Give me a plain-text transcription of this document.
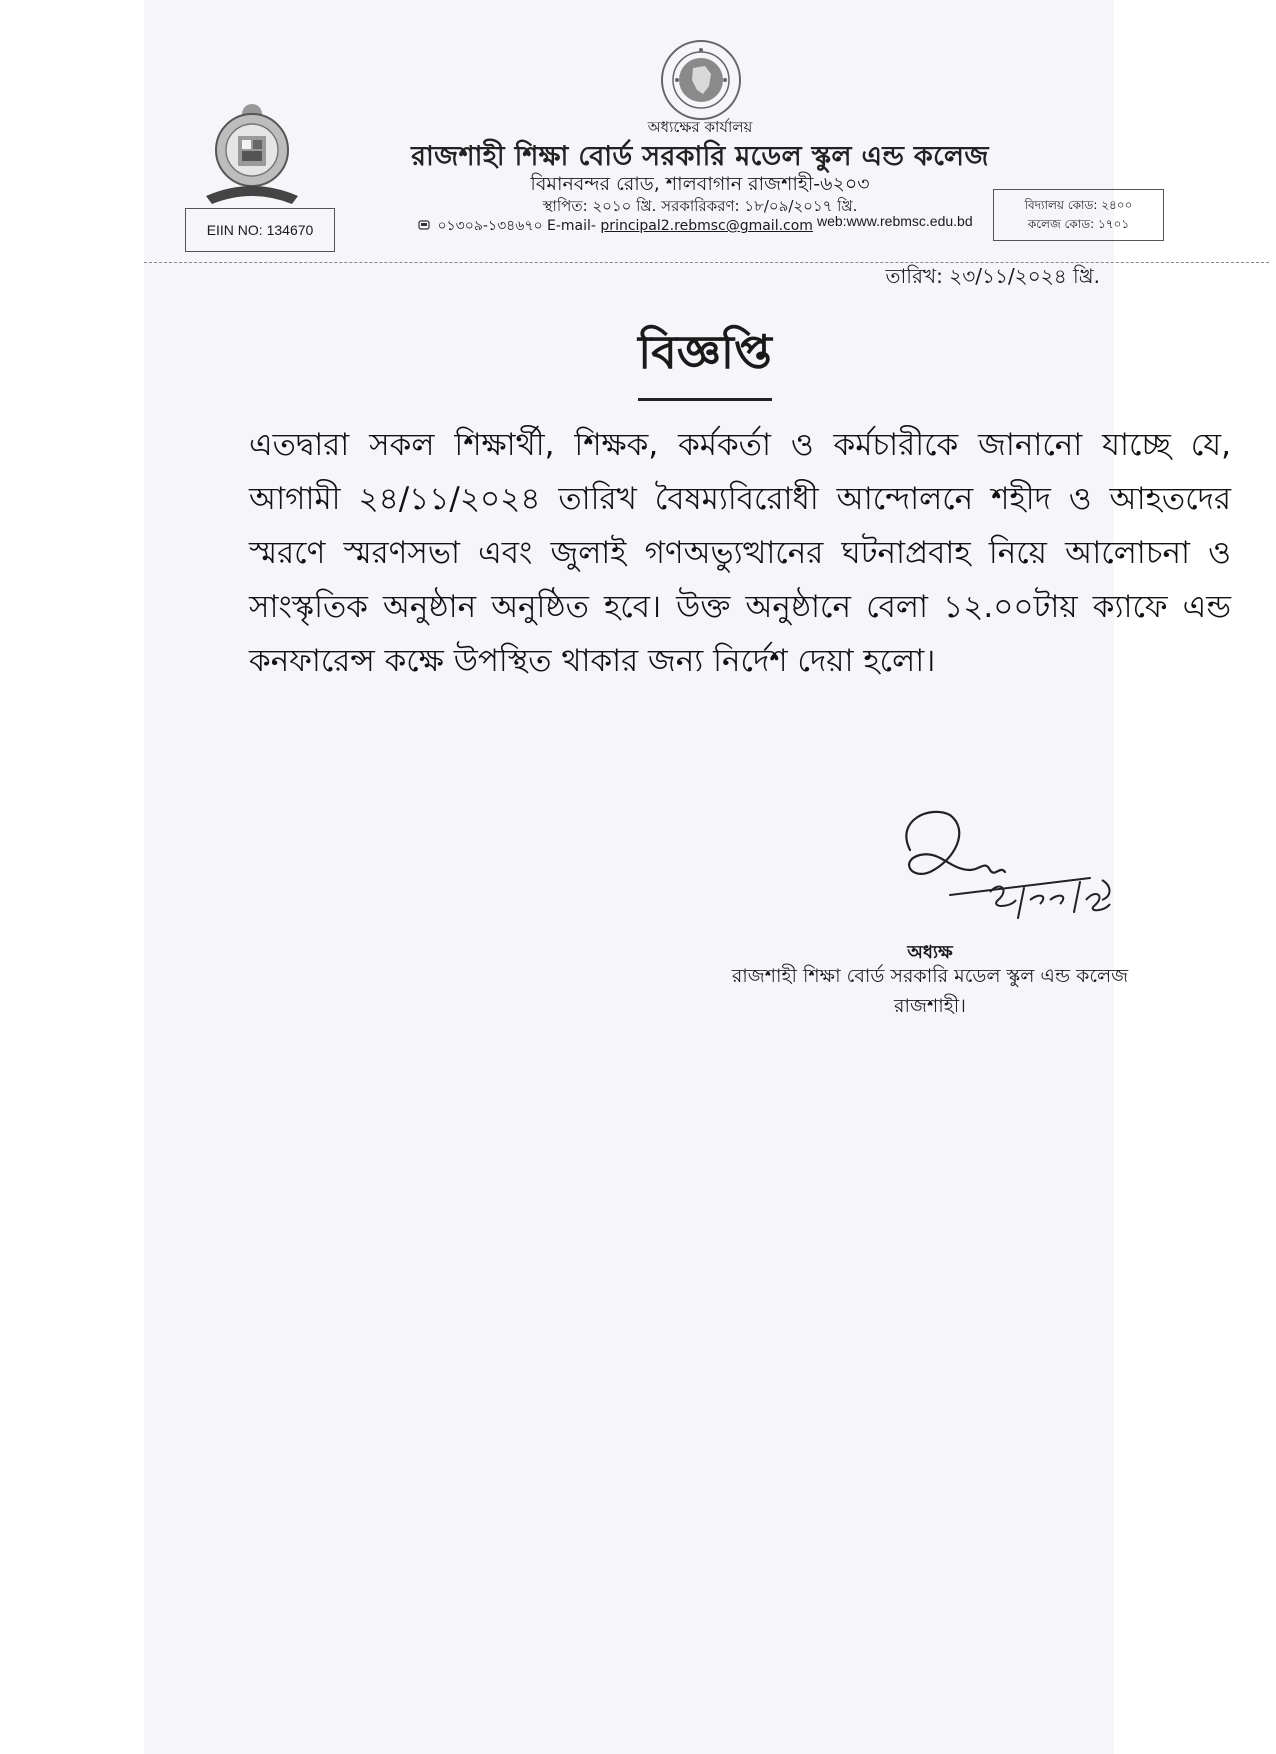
অধ্যক্ষের কার্যালয়
রাজশাহী শিক্ষা বোর্ড সরকারি মডেল স্কুল এন্ড কলেজ
বিমানবন্দর রোড, শালবাগান রাজশাহী-৬২০৩
স্থাপিত: ২০১০ খ্রি. সরকারিকরণ: ১৮/০৯/২০১৭ খ্রি.
EIIN NO: 134670	০১৩০৯-১৩৪৬৭০ E-mail- principal2.rebmsc@gmail.com web:www.rebmsc.edu.bd
বিদ্যালয় কোড: ২৪০০
কলেজ কোড: ১৭০১
তারিখ: ২৩/১১/২০২৪ খ্রি.
বিজ্ঞপ্তি
এতদ্বারা সকল শিক্ষার্থী, শিক্ষক, কর্মকর্তা ও কর্মচারীকে জানানো যাচ্ছে যে, আগামী ২৪/১১/২০২৪ তারিখ বৈষম্যবিরোধী আন্দোলনে শহীদ ও আহতদের স্মরণে স্মরণসভা এবং জুলাই গণঅভ্যুত্থানের ঘটনাপ্রবাহ নিয়ে আলোচনা ও সাংস্কৃতিক অনুষ্ঠান অনুষ্ঠিত হবে। উক্ত অনুষ্ঠানে বেলা ১২.০০টায় ক্যাফে এন্ড কনফারেন্স কক্ষে উপস্থিত থাকার জন্য নির্দেশ দেয়া হলো।
অধ্যক্ষ
রাজশাহী শিক্ষা বোর্ড সরকারি মডেল স্কুল এন্ড কলেজ
রাজশাহী।
